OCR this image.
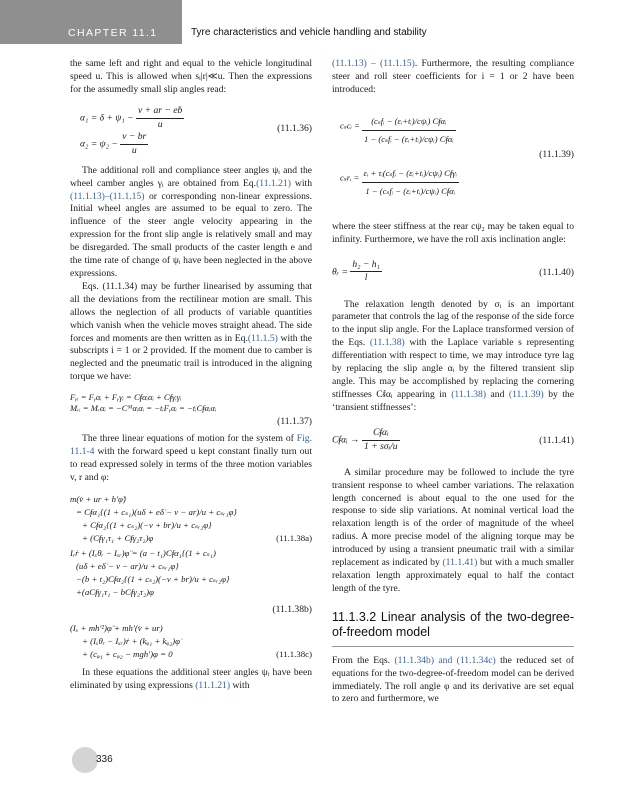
CHAPTER 11.1	Tyre characteristics and vehicle handling and stability

the same left and right and equal to the vehicle longitudinal speed u. This is allowed when sᵢ|r|≪u. Then the expressions for the assumedly small slip angles read:

$\alpha_1 = \delta + \psi_1 - \frac{\text{v + ar − eḃ}}{u}$
$\alpha_2 = \psi_2 - \frac{v - br}{u}$
(11.1.36)

The additional roll and compliance steer angles ψᵢ and the wheel camber angles γᵢ are obtained from Eq.(11.1.21) with (11.1.13)–(11.1.15) or corresponding non-linear expressions. Initial wheel angles are assumed to be equal to zero. The influence of the steer angle velocity appearing in the expression for the front slip angle is relatively small and may be disregarded. The small products of the caster length e and the time rate of change of ψᵢ have been neglected in the above expressions.

Eqs. (11.1.34) may be further linearised by assuming that all the deviations from the rectilinear motion are small. This allows the neglection of all products of variable quantities which vanish when the vehicle moves straight ahead. The side forces and moments are then written as in Eq.(11.1.5) with the subscripts i = 1 or 2 provided. If the moment due to camber is neglected and the pneumatic trail is introduced in the aligning torque we have:

Fᵧᵢ = Fᵧαᵢ + Fᵧγᵢ = Cᵮαᵢαᵢ + Cᵮγᵢγᵢ
Mᵣᵢ = Mᵣαᵢ = −Cᴹαᵢαᵢ = −tᵢFᵧαᵢ = −tᵢCᵮαᵢαᵢ
(11.1.37)

The three linear equations of motion for the system of Fig. 11.1-4 with the forward speed u kept constant finally turn out to read expressed solely in terms of the three motion variables v, r and φ:

m(v̇ + ur + h′φ̈)
= Cᵮα₁{(1 + cₛ₁)(uδ + eδ̇ − v − ar)/u + cₛᵣ₁φ}
+ Cᵮα₂{(1 + cₛ₂)(−v + br)/u + cₛᵣ₂φ}
+ (Cᵮγ₁τ₁ + Cᵮγ₂τ₂)φ	(11.1.38a)
Iᵣṙ + (Iₓθᵣ − Iₓᵣ)φ̈ = (a − t₁)Cᵮα₁{(1 + cₛ₁)
(uδ + eδ̇ − v − ar)/u + cₛᵣ₁φ}
−(b + t₂)Cᵮα₂{(1 + cₛ₂)(−v + br)/u + cₛᵣ₂φ}
+(aCᵮγ₁τ₁ − bCᵮγ₂τ₂)φ
(11.1.38b)
(Iₓ + mh′²)φ̈ + mh′(v̇ + ur)
+ (Iₓθᵣ − Iₓᵣ)ṙ + (kᵩ₁ + kᵩ₂)φ̇
+ (cᵩ₁ + cᵩ₂ − mgh′)φ = 0	(11.1.38c)

In these equations the additional steer angles ψᵢ have been eliminated by using expressions (11.1.21) with

(11.1.13) – (11.1.15). Furthermore, the resulting compliance steer and roll steer coefficients for i = 1 or 2 have been introduced:

cₛcᵢ = $\frac{\text{(cₛfᵢ − (εᵢ+tᵢ)/cψᵢ) Cᵮαᵢ}}{\text{1 − (cₛfᵢ − (εᵢ+tᵢ)/cψᵢ) Cᵮαᵢ}}$
cₛrᵢ = $\frac{\text{εᵢ + τᵢ(cₛfᵢ − (εᵢ+tᵢ)/cψᵢ) Cᵮγᵢ}}{\text{1 − (cₛfᵢ − (εᵢ+tᵢ)/cψᵢ) Cᵮαᵢ}}$
(11.1.39)

where the steer stiffness at the rear cψ₂ may be taken equal to infinity. Furthermore, we have the roll axis inclination angle:

θᵣ = $\frac{\text{h₂ − h₁}}{l}$	(11.1.40)

The relaxation length denoted by σᵢ is an important parameter that controls the lag of the response of the side force to the input slip angle. For the Laplace transformed version of the Eqs. (11.1.38) with the Laplace variable s representing differentiation with respect to time, we may introduce tyre lag by replacing the slip angle αᵢ by the filtered transient slip angle. This may be accomplished by replacing the cornering stiffnesses Cᵮαᵢ appearing in (11.1.38) and (11.1.39) by the ‘transient stiffnesses’:

Cᵮαᵢ → $\frac{\text{Cᵮαᵢ}}{\text{1 + sσᵢ/u}}$	(11.1.41)

A similar procedure may be followed to include the tyre transient response to wheel camber variations. The relaxation length concerned is about equal to the one used for the response to side slip variations. At nominal vertical load the relaxation length is of the order of magnitude of the wheel radius. A more precise model of the aligning torque may be introduced by using a transient pneumatic trail with a similar replacement as indicated by (11.1.41) but with a much smaller relaxation length approximately equal to half the contact length of the tyre.

11.1.3.2 Linear analysis of the two-degree-of-freedom model

From the Eqs. (11.1.34b) and (11.1.34c) the reduced set of equations for the two-degree-of-freedom model can be derived immediately. The roll angle φ and its derivative are set equal to zero and furthermore, we

336
